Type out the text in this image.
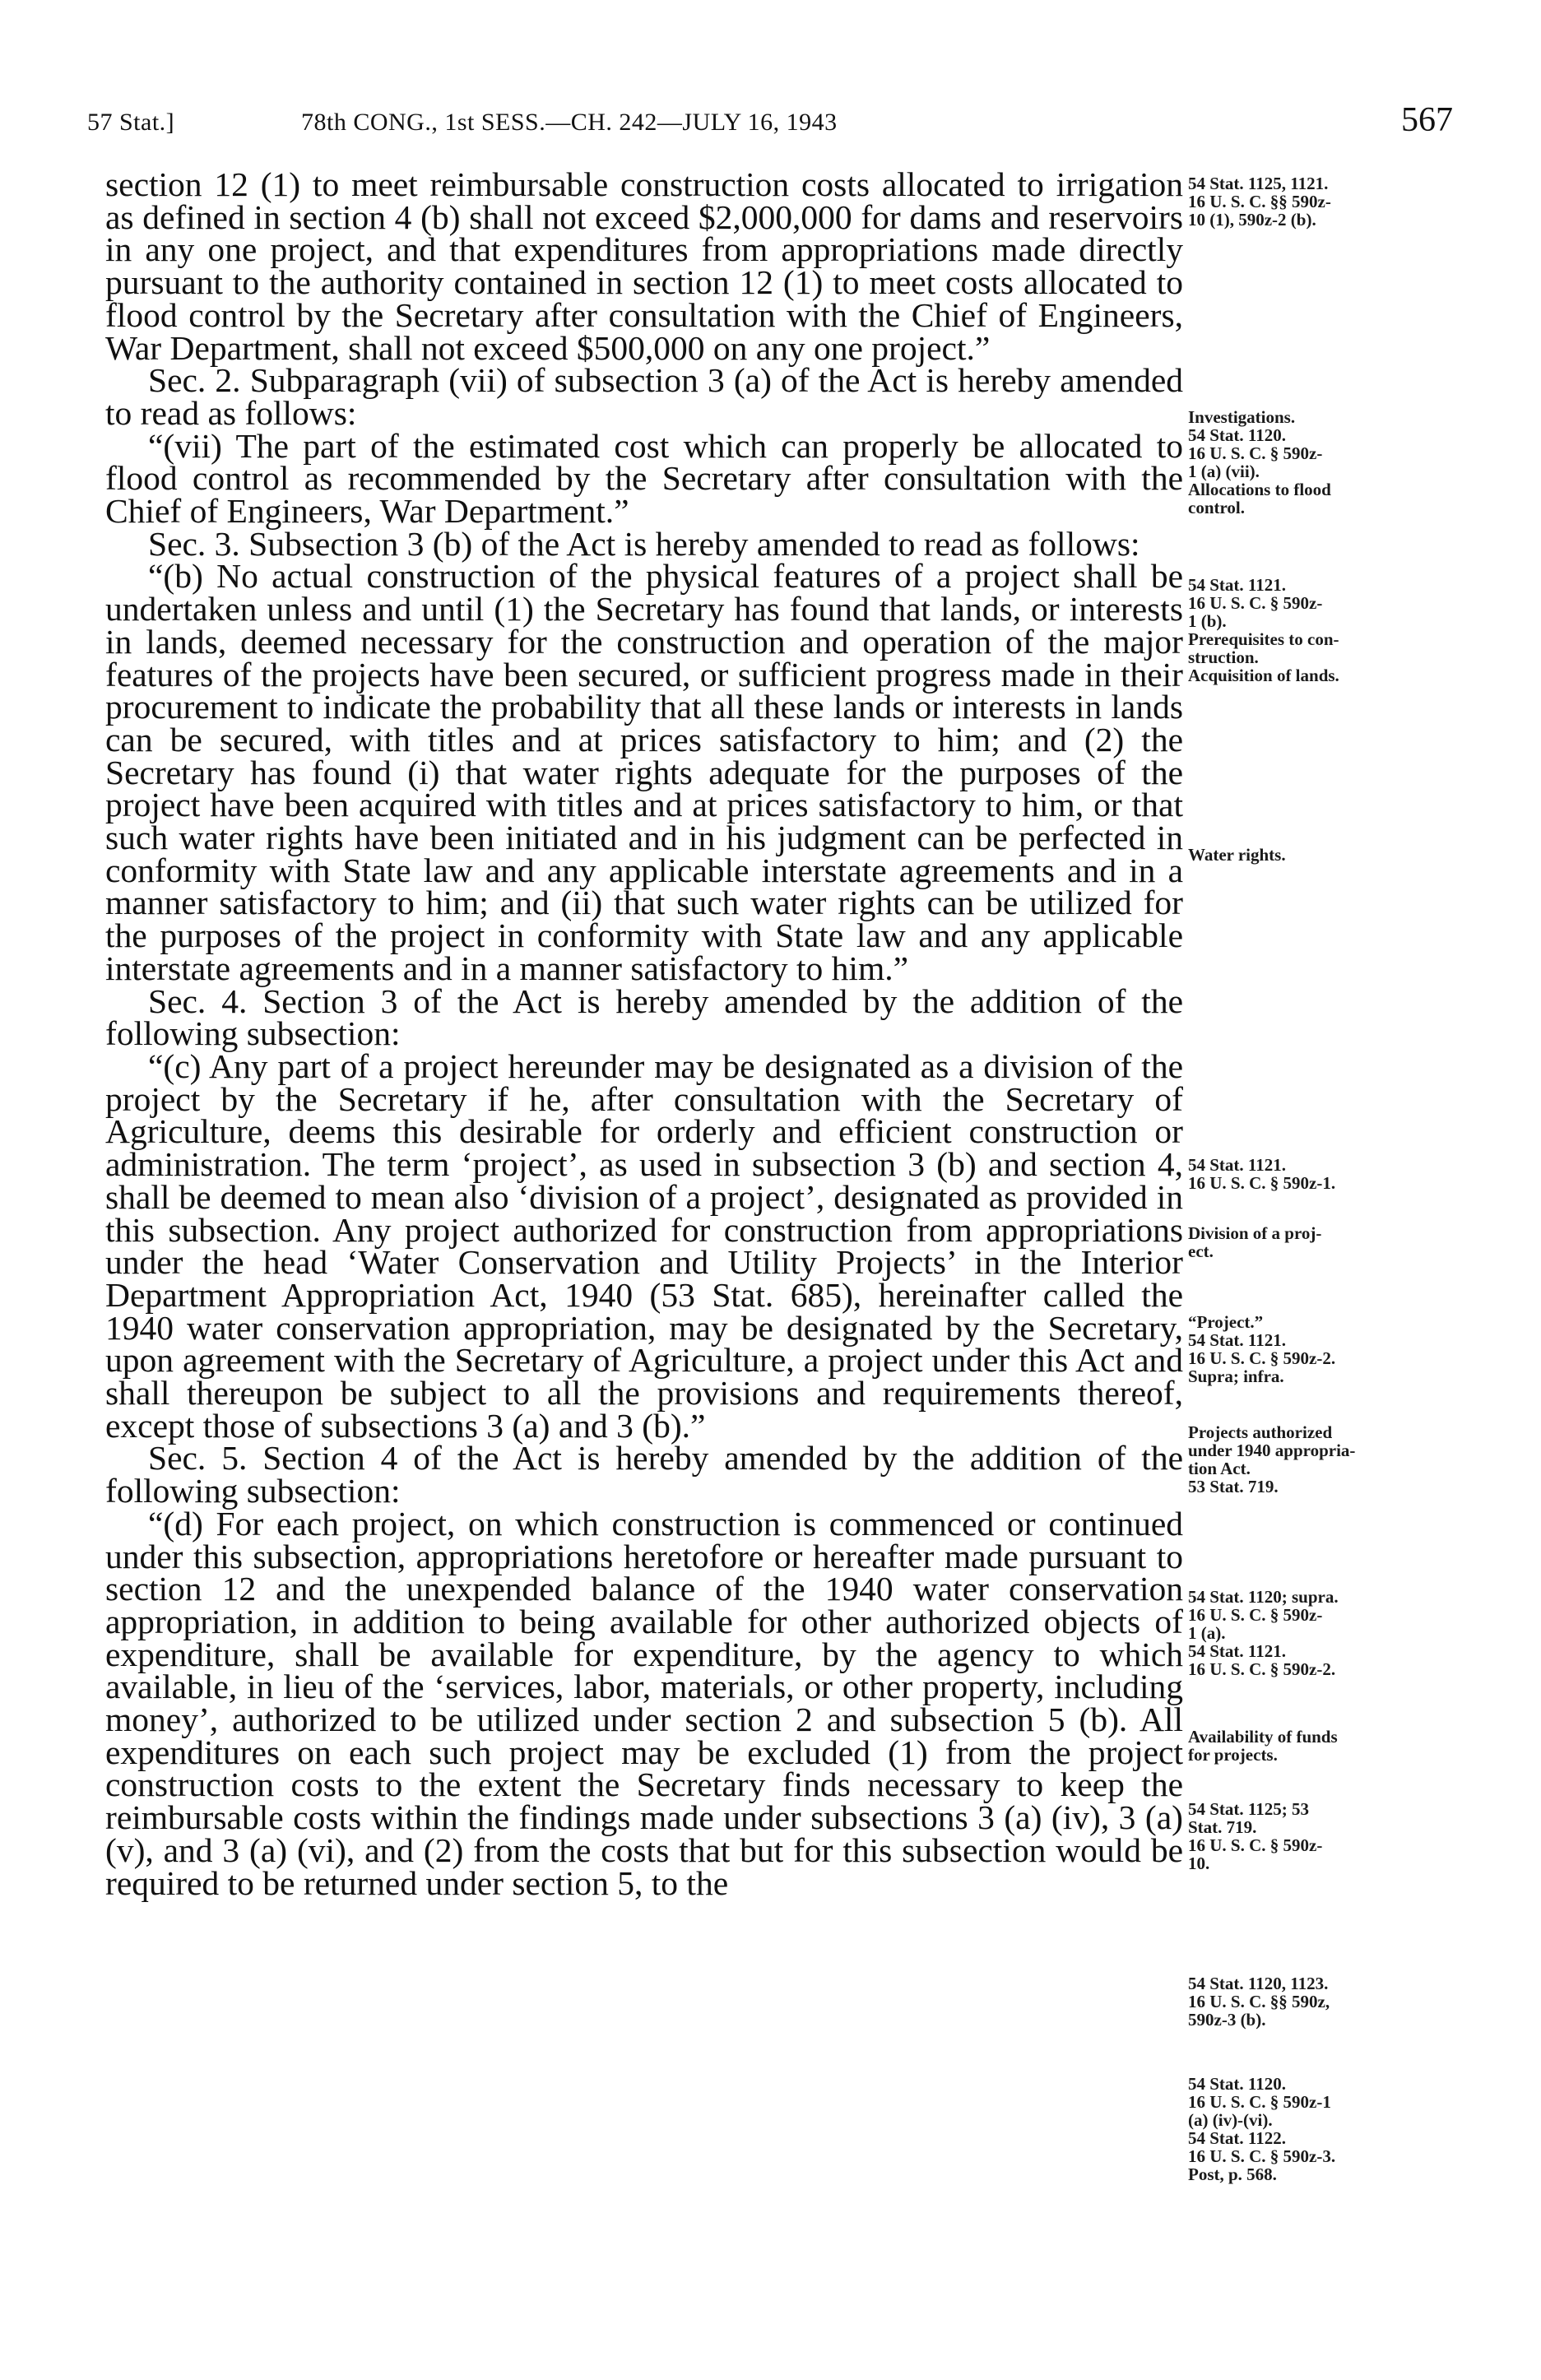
57 Stat.]	78th CONG., 1st SESS.—CH. 242—JULY 16, 1943	567

section 12 (1) to meet reimbursable construction costs allocated to irrigation as defined in section 4 (b) shall not exceed $2,000,000 for dams and reservoirs in any one project, and that expenditures from appropriations made directly pursuant to the authority contained in section 12 (1) to meet costs allocated to flood control by the Secretary after consultation with the Chief of Engineers, War Department, shall not exceed $500,000 on any one project.”

Sec. 2. Subparagraph (vii) of subsection 3 (a) of the Act is hereby amended to read as follows:

“(vii) The part of the estimated cost which can properly be allocated to flood control as recommended by the Secretary after consultation with the Chief of Engineers, War Department.”

Sec. 3. Subsection 3 (b) of the Act is hereby amended to read as follows:

“(b) No actual construction of the physical features of a project shall be undertaken unless and until (1) the Secretary has found that lands, or interests in lands, deemed necessary for the construction and operation of the major features of the projects have been secured, or sufficient progress made in their procurement to indicate the probability that all these lands or interests in lands can be secured, with titles and at prices satisfactory to him; and (2) the Secretary has found (i) that water rights adequate for the purposes of the project have been acquired with titles and at prices satisfactory to him, or that such water rights have been initiated and in his judgment can be perfected in conformity with State law and any applicable interstate agreements and in a manner satisfactory to him; and (ii) that such water rights can be utilized for the purposes of the project in conformity with State law and any applicable interstate agreements and in a manner satisfactory to him.”

Sec. 4. Section 3 of the Act is hereby amended by the addition of the following subsection:

“(c) Any part of a project hereunder may be designated as a division of the project by the Secretary if he, after consultation with the Secretary of Agriculture, deems this desirable for orderly and efficient construction or administration. The term ‘project’, as used in subsection 3 (b) and section 4, shall be deemed to mean also ‘division of a project’, designated as provided in this subsection. Any project authorized for construction from appropriations under the head ‘Water Conservation and Utility Projects’ in the Interior Department Appropriation Act, 1940 (53 Stat. 685), hereinafter called the 1940 water conservation appropriation, may be designated by the Secretary, upon agreement with the Secretary of Agriculture, a project under this Act and shall thereupon be subject to all the provisions and requirements thereof, except those of subsections 3 (a) and 3 (b).”

Sec. 5. Section 4 of the Act is hereby amended by the addition of the following subsection:

“(d) For each project, on which construction is commenced or continued under this subsection, appropriations heretofore or hereafter made pursuant to section 12 and the unexpended balance of the 1940 water conservation appropriation, in addition to being available for other authorized objects of expenditure, shall be available for expenditure, by the agency to which available, in lieu of the ‘services, labor, materials, or other property, including money’, authorized to be utilized under section 2 and subsection 5 (b). All expenditures on each such project may be excluded (1) from the project construction costs to the extent the Secretary finds necessary to keep the reimbursable costs within the findings made under subsections 3 (a) (iv), 3 (a) (v), and 3 (a) (vi), and (2) from the costs that but for this subsection would be required to be returned under section 5, to the

54 Stat. 1125, 1121.
16 U. S. C. §§ 590z-
10 (1), 590z-2 (b).
Investigations.
54 Stat. 1120.
16 U. S. C. § 590z-
1 (a) (vii).
Allocations to flood
control.
54 Stat. 1121.
16 U. S. C. § 590z-
1 (b).
Prerequisites to con-
struction.
Acquisition of lands.
Water rights.
54 Stat. 1121.
16 U. S. C. § 590z-1.
Division of a proj-
ect.
“Project.”
54 Stat. 1121.
16 U. S. C. § 590z-2.
Supra; infra.
Projects authorized
under 1940 appropria-
tion Act.
53 Stat. 719.
54 Stat. 1120; supra.
16 U. S. C. § 590z-
1 (a).
54 Stat. 1121.
16 U. S. C. § 590z-2.
Availability of funds
for projects.
54 Stat. 1125; 53
Stat. 719.
16 U. S. C. § 590z-
10.
54 Stat. 1120, 1123.
16 U. S. C. §§ 590z,
590z-3 (b).
54 Stat. 1120.
16 U. S. C. § 590z-1
(a) (iv)-(vi).
54 Stat. 1122.
16 U. S. C. § 590z-3.
Post, p. 568.
